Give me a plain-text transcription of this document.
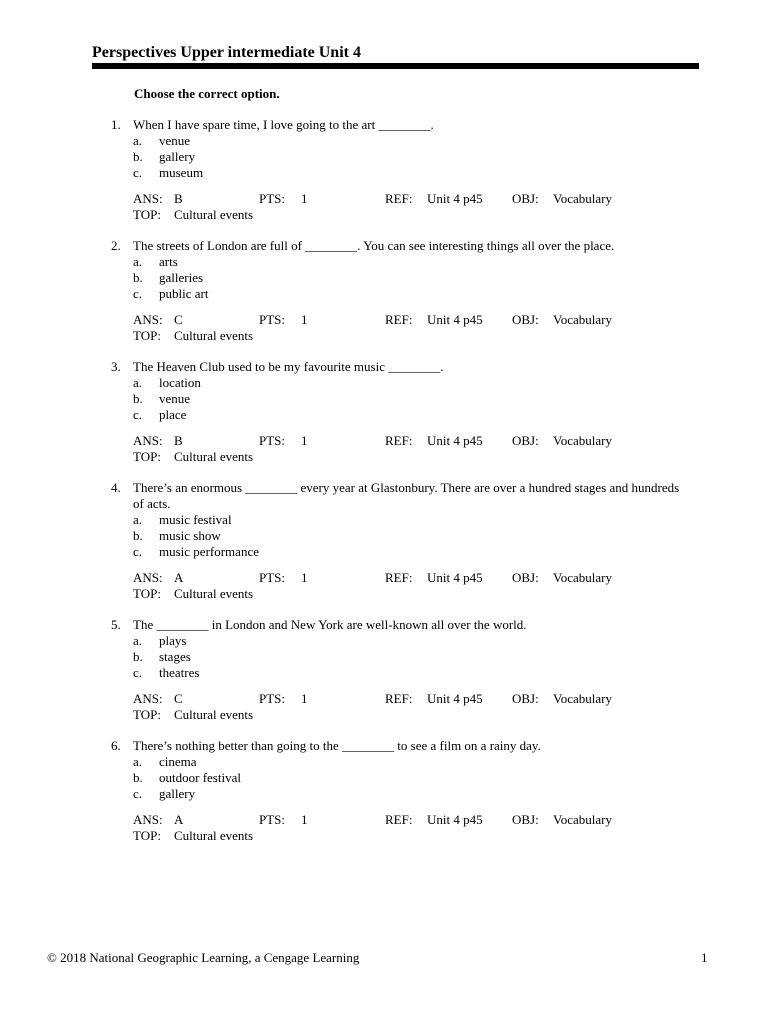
Perspectives Upper intermediate Unit 4
Choose the correct option.
1. When I have spare time, I love going to the art ________.
a. venue
b. gallery
c. museum
ANS: B	PTS: 1	REF: Unit 4 p45 OBJ: Vocabulary
TOP: Cultural events
2. The streets of London are full of ________. You can see interesting things all over the place.
a. arts
b. galleries
c. public art
ANS: C	PTS: 1	REF: Unit 4 p45 OBJ: Vocabulary
TOP: Cultural events
3. The Heaven Club used to be my favourite music ________.
a. location
b. venue
c. place
ANS: B	PTS: 1	REF: Unit 4 p45 OBJ: Vocabulary
TOP: Cultural events
4. There’s an enormous ________ every year at Glastonbury. There are over a hundred stages and hundreds of acts.
a. music festival
b. music show
c. music performance
ANS: A	PTS: 1	REF: Unit 4 p45 OBJ: Vocabulary
TOP: Cultural events
5. The ________ in London and New York are well-known all over the world.
a. plays
b. stages
c. theatres
ANS: C	PTS: 1	REF: Unit 4 p45 OBJ: Vocabulary
TOP: Cultural events
6. There’s nothing better than going to the ________ to see a film on a rainy day.
a. cinema
b. outdoor festival
c. gallery
ANS: A	PTS: 1	REF: Unit 4 p45 OBJ: Vocabulary
TOP: Cultural events
© 2018 National Geographic Learning, a Cengage Learning	1
